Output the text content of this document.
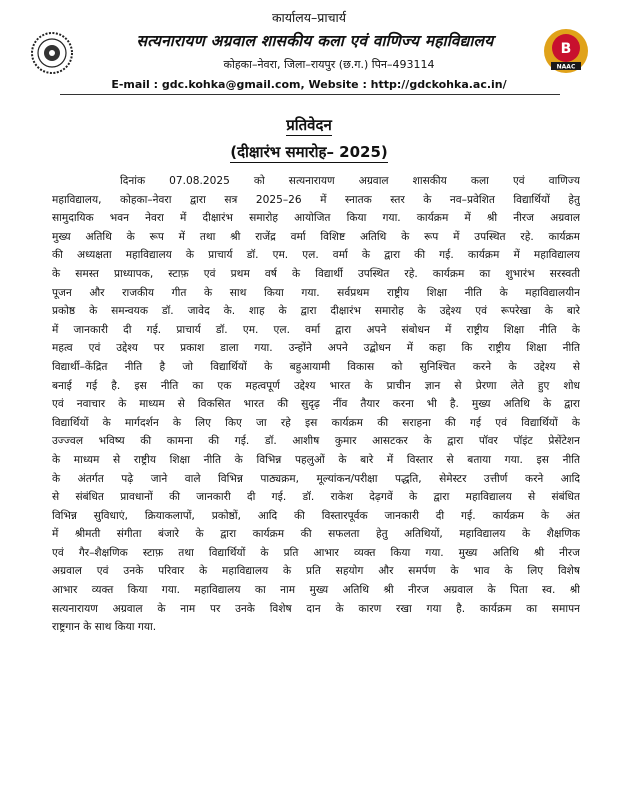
कार्यालय–प्राचार्य
सत्यनारायण अग्रवाल शासकीय कला एवं वाणिज्य महाविद्यालय	B
NAAC
कोहका–नेवरा, जिला–रायपुर (छ.ग.) पिन–493114
E-mail : gdc.kohka@gmail.com, Website : http://gdckohka.ac.in/
प्रतिवेदन
(दीक्षारंभ समारोह– 2025)
दिनांक 07.08.2025 को सत्यनारायण अग्रवाल शासकीय कला एवं वाणिज्य
महाविद्यालय, कोहका–नेवरा द्वारा सत्र 2025–26 में स्नातक स्तर के नव–प्रवेशित विद्यार्थियों हेतु
सामुदायिक भवन नेवरा में दीक्षारंभ समारोह आयोजित किया गया. कार्यक्रम में श्री नीरज अग्रवाल
मुख्य अतिथि के रूप में तथा श्री राजेंद्र वर्मा विशिष्ट अतिथि के रूप में उपस्थित रहे. कार्यक्रम
की अध्यक्षता महाविद्यालय के प्राचार्य डॉ. एम. एल. वर्मा के द्वारा की गई. कार्यक्रम में महाविद्यालय
के समस्त प्राध्यापक, स्टाफ़ एवं प्रथम वर्ष के विद्यार्थी उपस्थित रहे. कार्यक्रम का शुभारंभ सरस्वती
पूजन और राजकीय गीत के साथ किया गया. सर्वप्रथम राष्ट्रीय शिक्षा नीति के महाविद्यालयीन
प्रकोष्ठ के समन्वयक डॉ. जावेद के. शाह के द्वारा दीक्षारंभ समारोह के उद्देश्य एवं रूपरेखा के बारे
में जानकारी दी गई. प्राचार्य डॉ. एम. एल. वर्मा द्वारा अपने संबोधन में राष्ट्रीय शिक्षा नीति के
महत्व एवं उद्देश्य पर प्रकाश डाला गया. उन्होंने अपने उद्बोधन में कहा कि राष्ट्रीय शिक्षा नीति
विद्यार्थी–केंद्रित नीति है जो विद्यार्थियों के बहुआयामी विकास को सुनिश्चित करने के उद्देश्य से
बनाई गई है. इस नीति का एक महत्वपूर्ण उद्देश्य भारत के प्राचीन ज्ञान से प्रेरणा लेते हुए शोध
एवं नवाचार के माध्यम से विकसित भारत की सुदृढ़ नींव तैयार करना भी है. मुख्य अतिथि के द्वारा
विद्यार्थियों के मार्गदर्शन के लिए किए जा रहे इस कार्यक्रम की सराहना की गई एवं विद्यार्थियों के
उज्ज्वल भविष्य की कामना की गई. डॉ. आशीष कुमार आसटकर के द्वारा पॉवर पॉइंट प्रेसेंटेशन
के माध्यम से राष्ट्रीय शिक्षा नीति के विभिन्न पहलुओं के बारे में विस्तार से बताया गया. इस नीति
के अंतर्गत पढ़े जाने वाले विभिन्न पाठ्यक्रम, मूल्यांकन/परीक्षा पद्धति, सेमेस्टर उत्तीर्ण करने आदि
से संबंधित प्रावधानों की जानकारी दी गई. डॉ. राकेश देढ़गवें के द्वारा महाविद्यालय से संबंधित
विभिन्न सुविधाएं, क्रियाकलापों, प्रकोष्ठों, आदि की विस्तारपूर्वक जानकारी दी गई. कार्यक्रम के अंत
में श्रीमती संगीता बंजारे के द्वारा कार्यक्रम की सफलता हेतु अतिथियों, महाविद्यालय के शैक्षणिक
एवं गैर–शैक्षणिक स्टाफ़ तथा विद्यार्थियों के प्रति आभार व्यक्त किया गया. मुख्य अतिथि श्री नीरज
अग्रवाल एवं उनके परिवार के महाविद्यालय के प्रति सहयोग और समर्पण के भाव के लिए विशेष
आभार व्यक्त किया गया. महाविद्यालय का नाम मुख्य अतिथि श्री नीरज अग्रवाल के पिता स्व. श्री
सत्यनारायण अग्रवाल के नाम पर उनके विशेष दान के कारण रखा गया है. कार्यक्रम का समापन
राष्ट्रगान के साथ किया गया.
